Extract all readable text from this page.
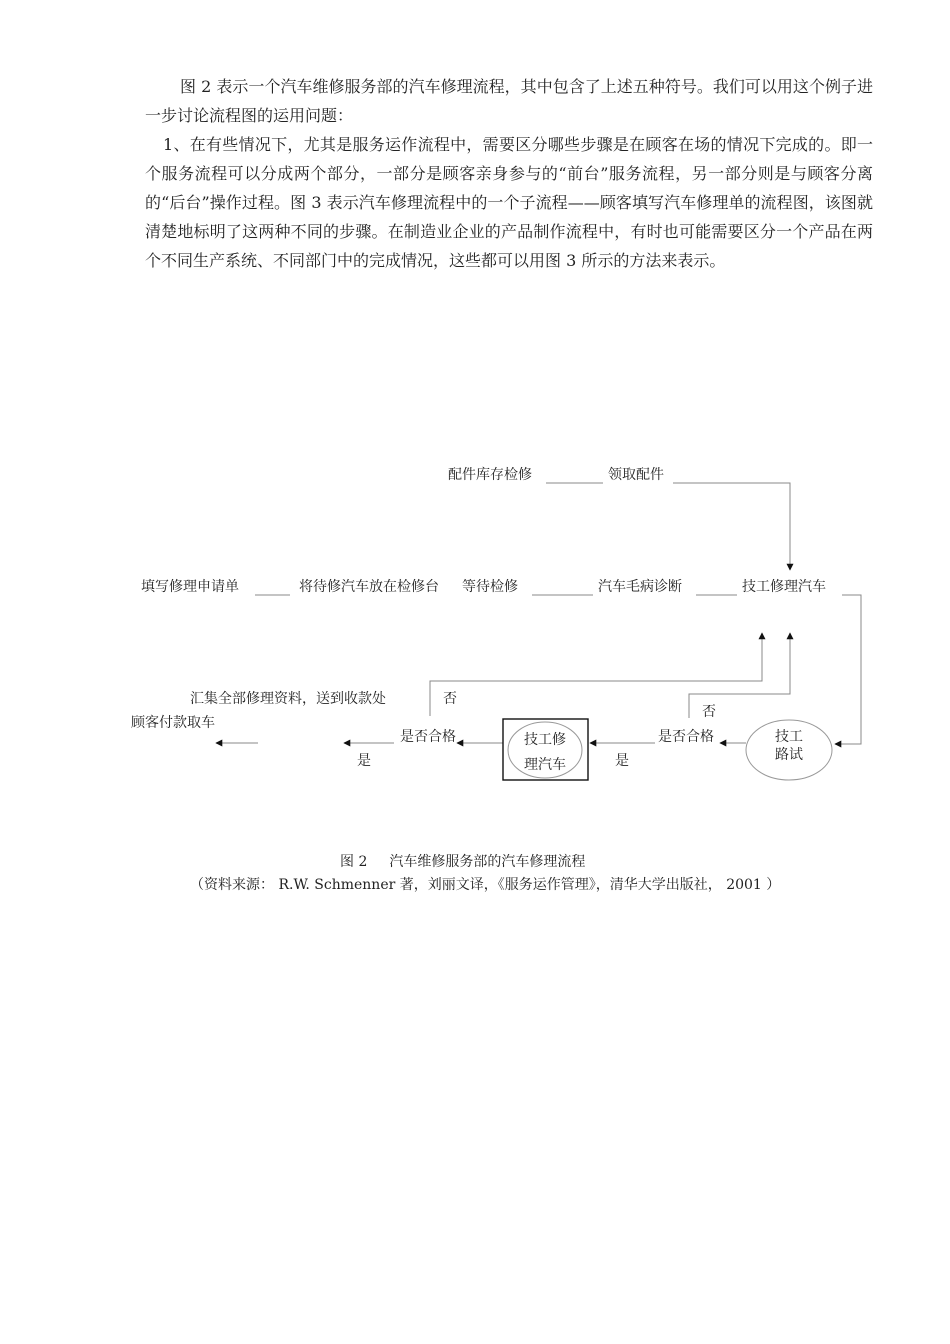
图 2 表示一个汽车维修服务部的汽车修理流程，其中包含了上述五种符号。我们可以用这个例子进一步讨论流程图的运用问题：

1、在有些情况下，尤其是服务运作流程中，需要区分哪些步骤是在顾客在场的情况下完成的。即一个服务流程可以分成两个部分，一部分是顾客亲身参与的“前台”服务流程，另一部分则是与顾客分离的“后台”操作过程。图 3 表示汽车修理流程中的一个子流程——顾客填写汽车修理单的流程图，该图就清楚地标明了这两种不同的步骤。在制造业企业的产品制作流程中，有时也可能需要区分一个产品在两个不同生产系统、不同部门中的完成情况，这些都可以用图 3 所示的方法来表示。

配件库存检修	领取配件
填写修理申请单	将待修汽车放在检修台 等待检修	汽车毛病诊断	技工修理汽车
否
否
汇集全部修理资料，送到收款处
顾客付款取车
是否合格
是
技工修
理汽车	是
是否合格	技工
路试

图 2 汽车维修服务部的汽车修理流程

（资料来源： R.W. Schmenner 著，刘丽文译，《服务运作管理》，清华大学出版社， 2001 ）
